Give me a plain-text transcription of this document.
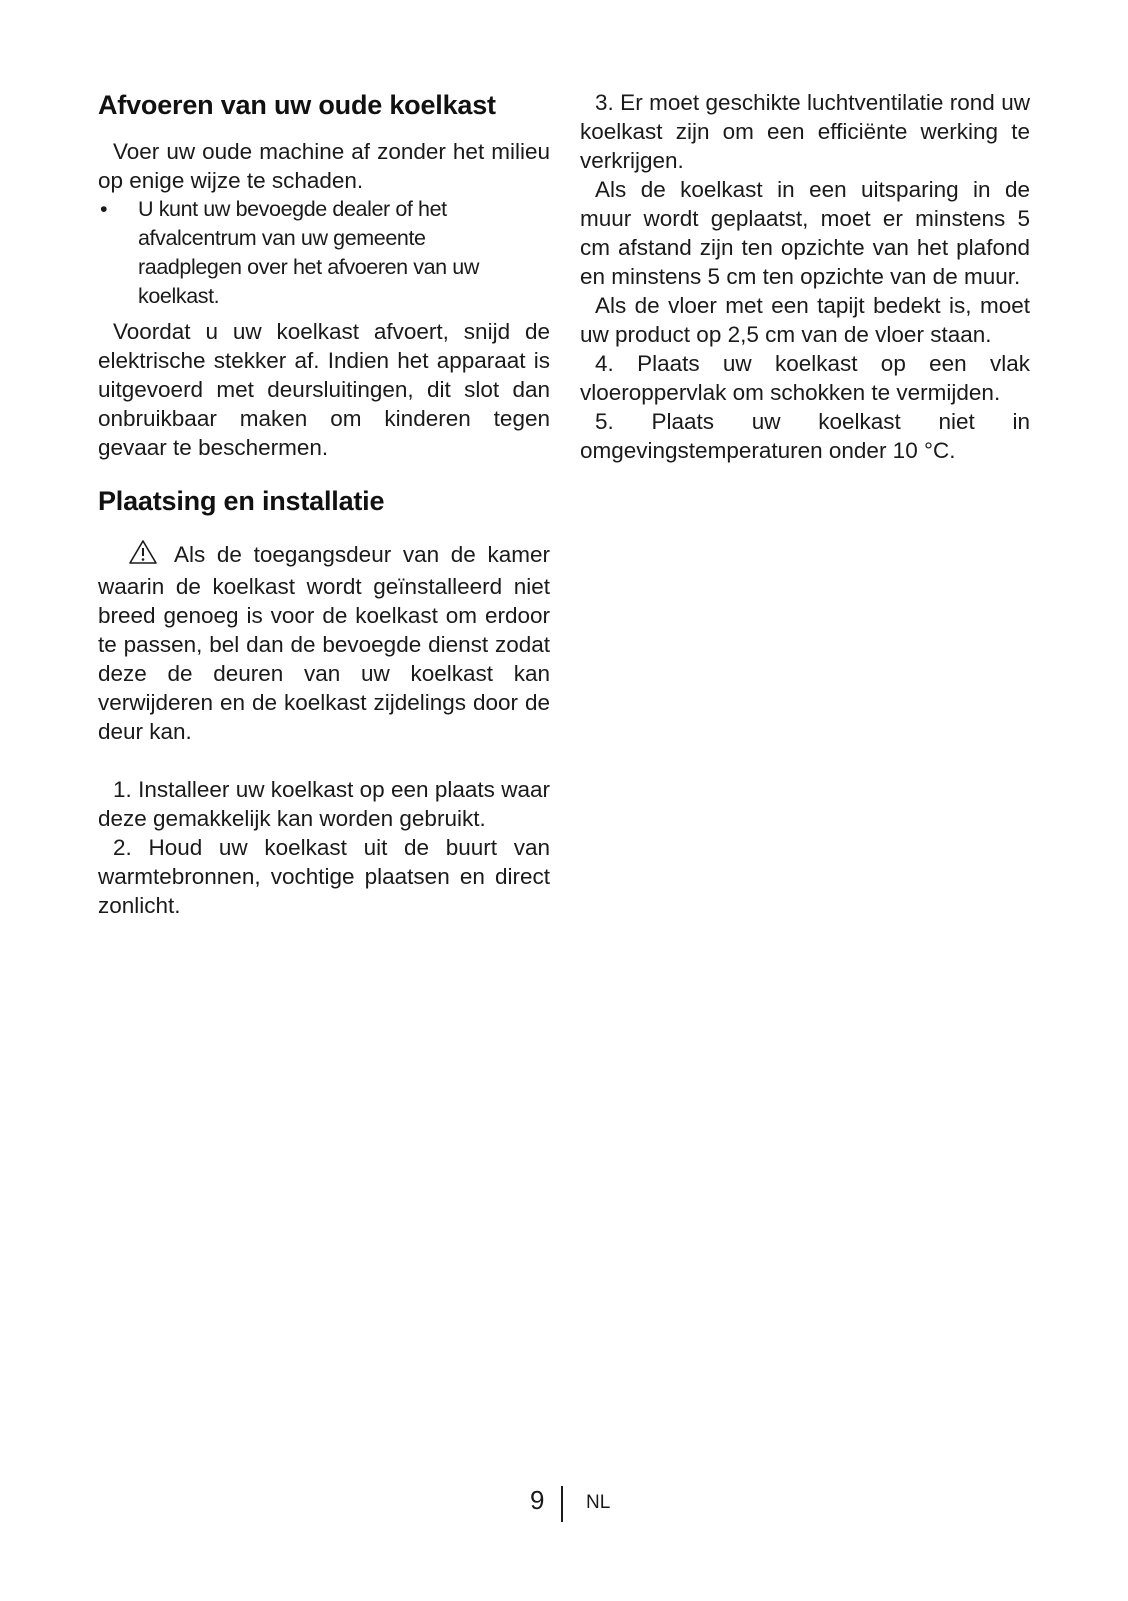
Afvoeren van uw oude koelkast

Voer uw oude machine af zonder het milieu op enige wijze te schaden.

•	U kunt uw bevoegde dealer of het afvalcentrum van uw gemeente raadplegen over het afvoeren van uw koelkast.

Voordat u uw koelkast afvoert, snijd de elektrische stekker af. Indien het apparaat is uitgevoerd met deursluitingen, dit slot dan onbruikbaar maken om kinderen tegen gevaar te beschermen.

Plaatsing en installatie

Als de toegangsdeur van de kamer waarin de koelkast wordt geïnstalleerd niet breed genoeg is voor de koelkast om erdoor te passen, bel dan de bevoegde dienst zodat deze de deuren van uw koelkast kan verwijderen en de koelkast zijdelings door de deur kan.

1. Installeer uw koelkast op een plaats waar deze gemakkelijk kan worden gebruikt.

2. Houd uw koelkast uit de buurt van warmtebronnen, vochtige plaatsen en direct zonlicht.

3. Er moet geschikte luchtventilatie rond uw koelkast zijn om een efficiënte werking te verkrijgen.

Als de koelkast in een uitsparing in de muur wordt geplaatst, moet er minstens 5 cm afstand zijn ten opzichte van het plafond en minstens 5 cm ten opzichte van de muur.

Als de vloer met een tapijt bedekt is, moet uw product op 2,5 cm van de vloer staan.

4. Plaats uw koelkast op een vlak vloeroppervlak om schokken te vermijden.

5. Plaats uw koelkast niet in omgevingstemperaturen onder 10 °C.

9 NL
